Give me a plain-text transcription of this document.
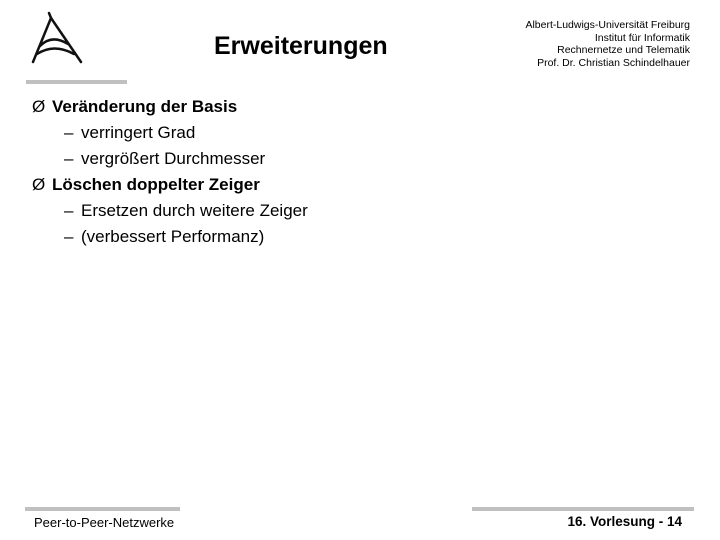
Erweiterungen
Albert-Ludwigs-Universität Freiburg
Institut für Informatik
Rechnernetze und Telematik
Prof. Dr. Christian Schindelhauer
Ø Veränderung der Basis
– verringert Grad
– vergrößert Durchmesser
Ø Löschen doppelter Zeiger
– Ersetzen durch weitere Zeiger
– (verbessert Performanz)
Peer-to-Peer-Netzwerke	16. Vorlesung - 14
